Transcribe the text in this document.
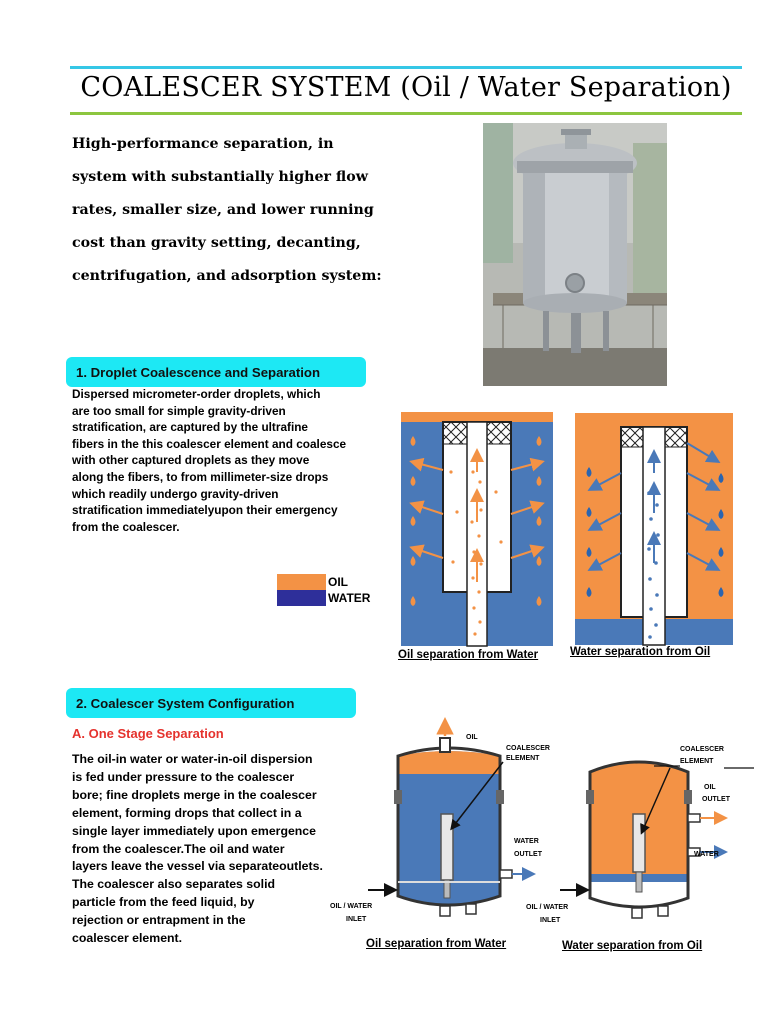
COALESCER SYSTEM (Oil / Water Separation)
High-performance separation, in
system with substantially higher flow
rates, smaller size, and lower running
cost than gravity setting, decanting,
centrifugation, and adsorption system:
1. Droplet Coalescence and Separation
Dispersed micrometer-order droplets, which
are too small for simple gravity-driven
stratification, are captured by the ultrafine
fibers in the this coalescer element and coalesce
with other captured droplets as they move
along the fibers, to from millimeter-size drops
which readily undergo gravity-driven
stratification immediatelyupon their emergency
from the coalescer.
OIL
WATER
Oil separation from Water	Water separation from Oil
2. Coalescer System Configuration
A. One Stage Separation
The oil-in water or water-in-oil dispersion
is fed under pressure to the coalescer
bore; fine droplets merge in the coalescer
element, forming drops that collect in a
single layer immediately upon emergence
from the coalescer.The oil and water
layers leave the vessel via separateoutlets.
The coalescer also separates solid
particle from the feed liquid, by
rejection or entrapment in the
coalescer element.
OIL
COALESCER
ELEMENT
WATER
OUTLET
OIL / WATER
INLET
Oil separation from Water
COALESCER
ELEMENT
OIL
OUTLET
WATER
OIL / WATER
INLET
Water separation from Oil
